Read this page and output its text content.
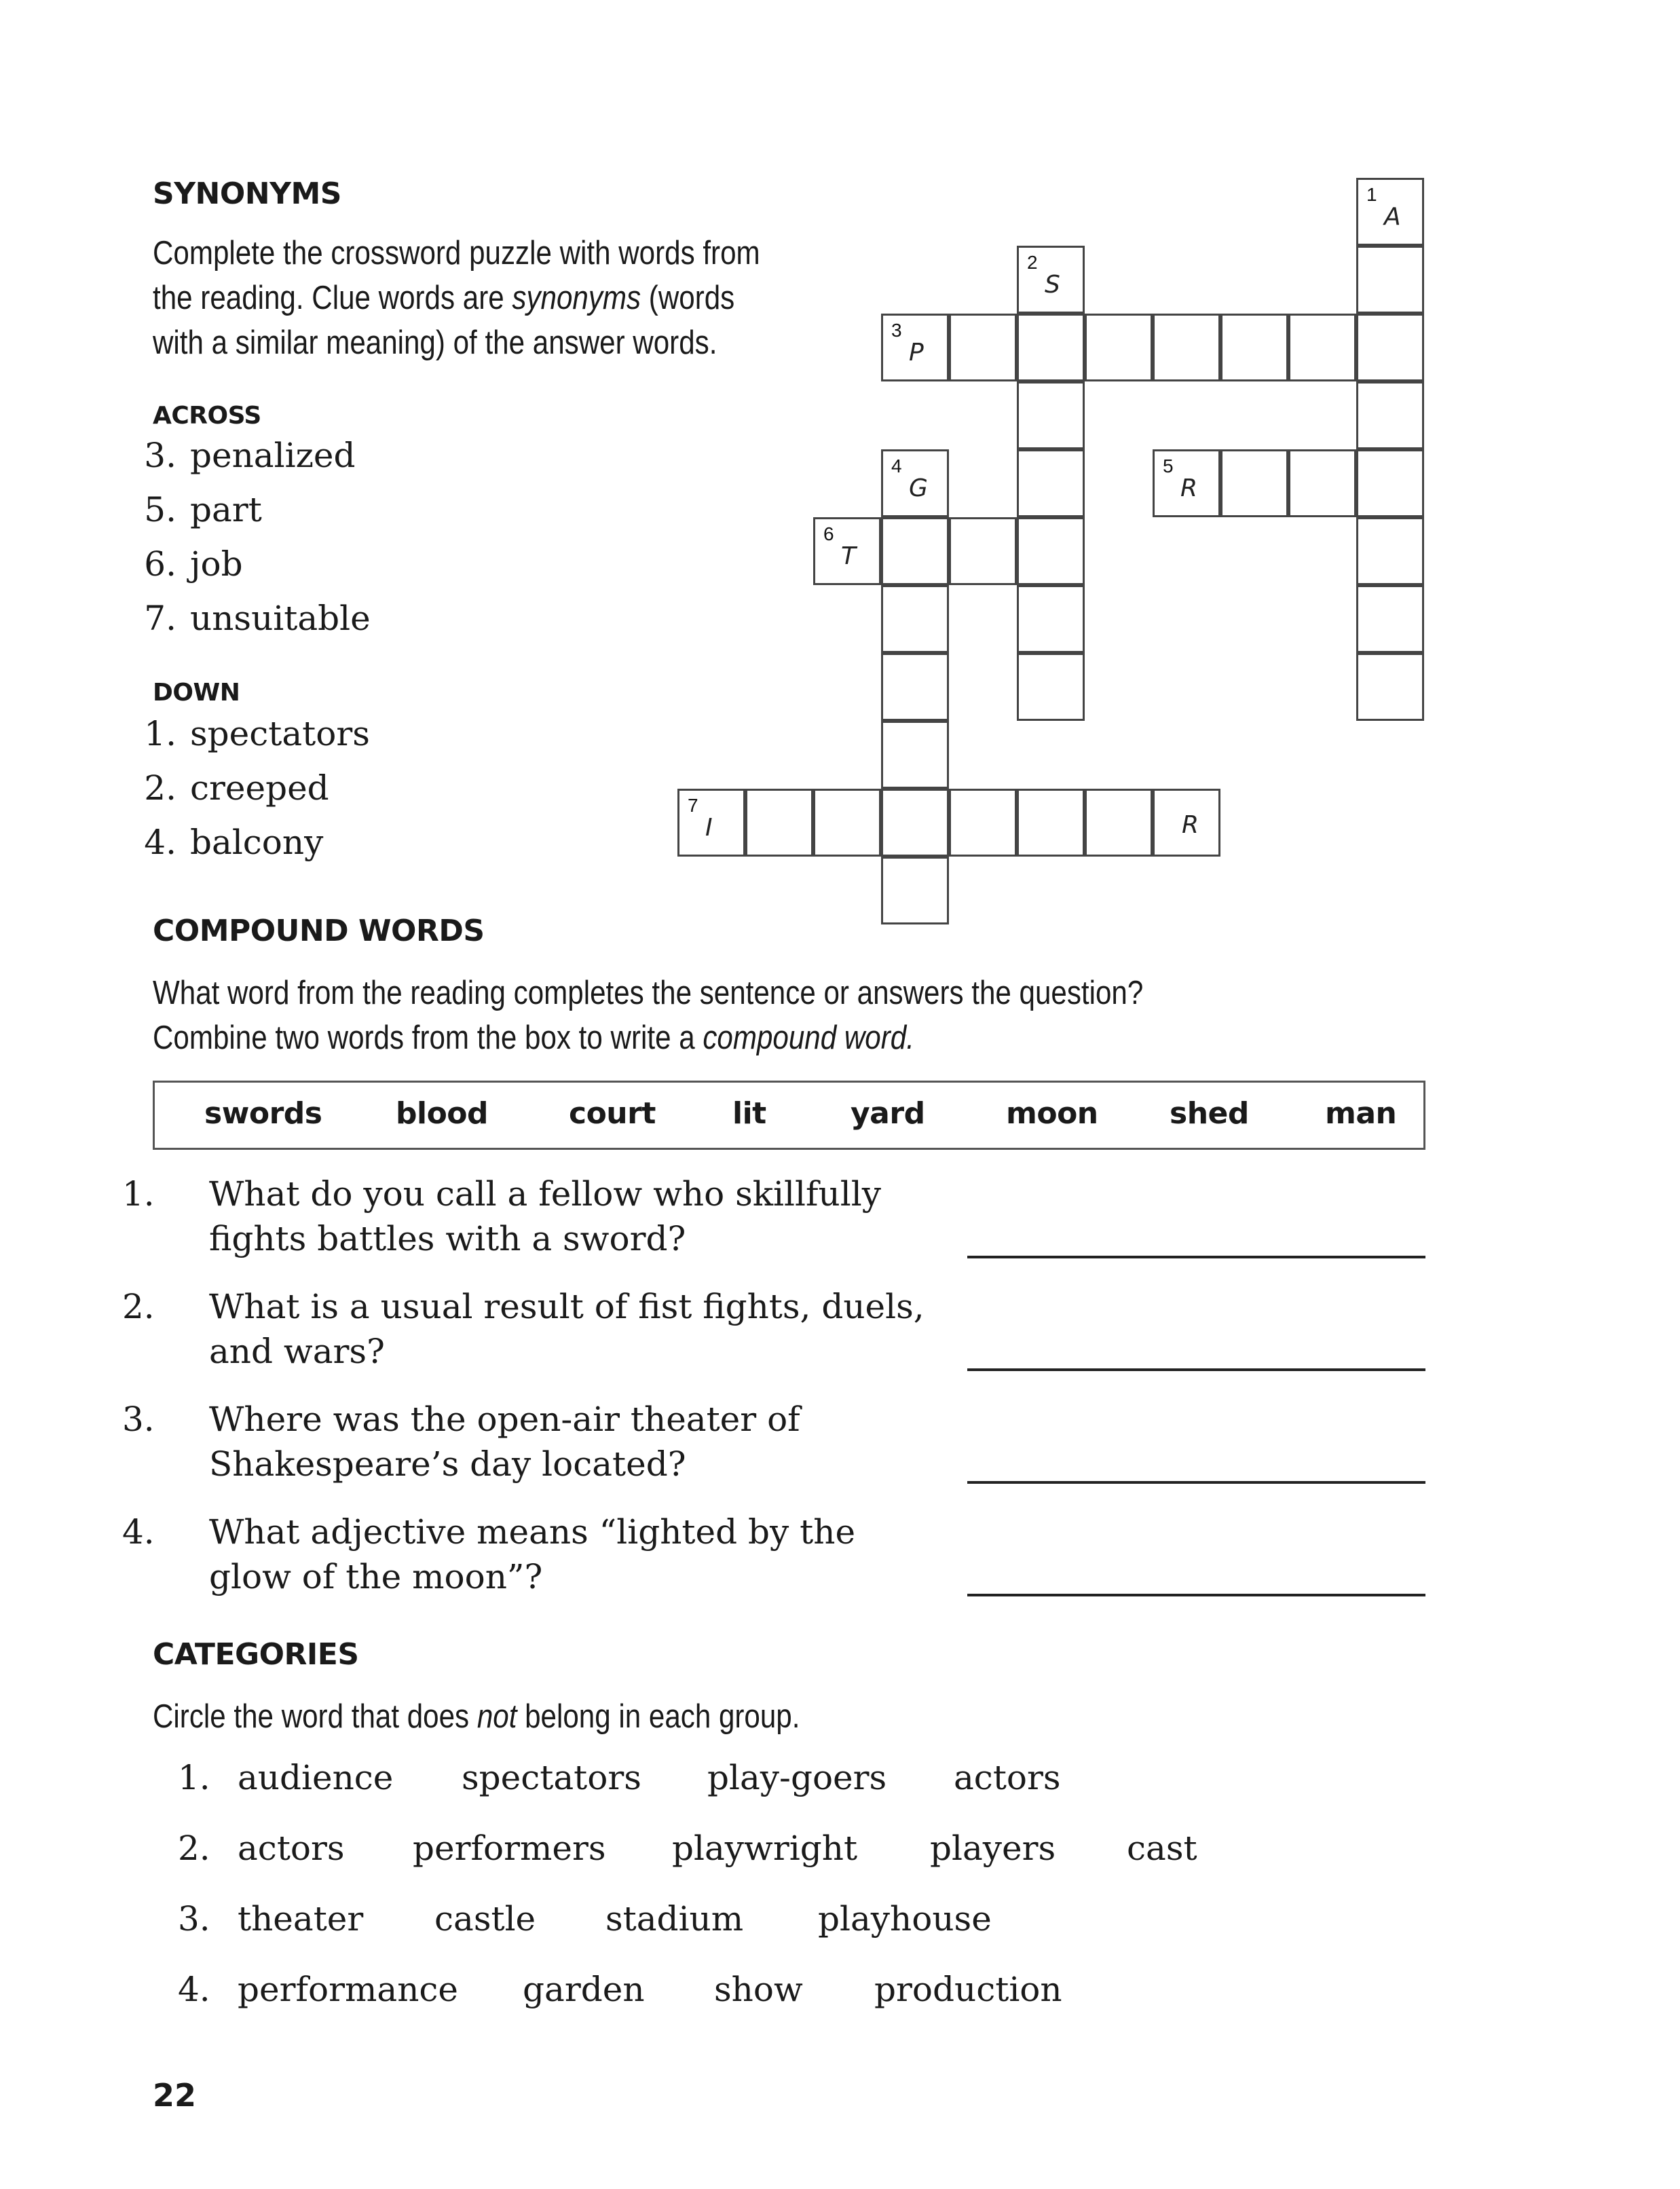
SYNONYMS
Complete the crossword puzzle with words from
the reading. Clue words are synonyms (words
with a similar meaning) of the answer words.
ACROSS
3. penalized
5. part
6. job
7. unsuitable
DOWN
1. spectators
2. creeped
4. balcony
1
A
2
S
3
P
4
G
5
R
6
T
7
I	R
COMPOUND WORDS
What word from the reading completes the sentence or answers the question?
Combine two words from the box to write a compound word.
swords blood	court	lit	yard	moon shed	man
1. What do you call a fellow who skillfully
fights battles with a sword?
2. What is a usual result of fist fights, duels,
and wars?
3. Where was the open-air theater of
Shakespeare’s day located?
4. What adjective means “lighted by the
glow of the moon”?
CATEGORIES
Circle the word that does not belong in each group.
1. audience spectators play-goers actors
2. actors performers playwright players cast
3. theater castle stadium playhouse
4. performance garden show production
22
